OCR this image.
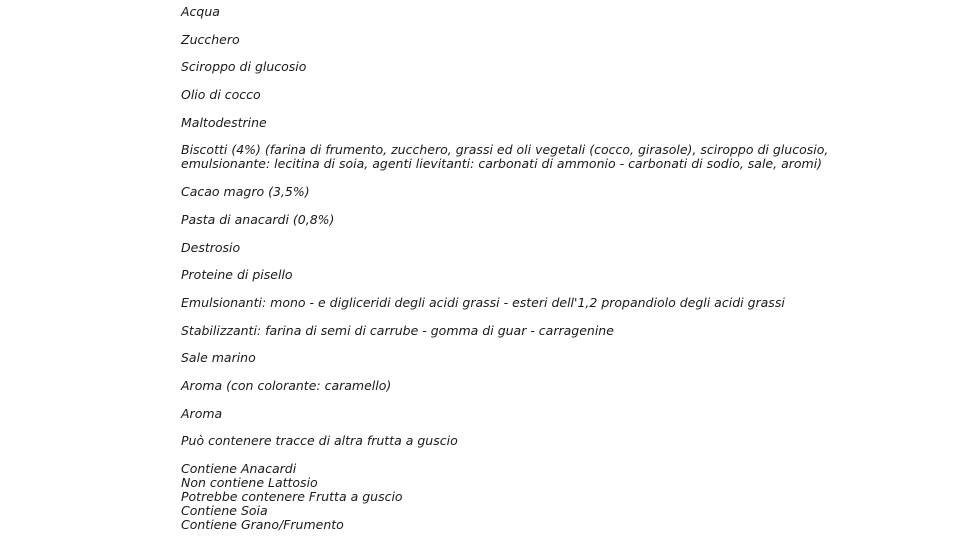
Acqua
Zucchero
Sciroppo di glucosio
Olio di cocco
Maltodestrine
Biscotti (4%) (farina di frumento, zucchero, grassi ed oli vegetali (cocco, girasole), sciroppo di glucosio,
emulsionante: lecitina di soia, agenti lievitanti: carbonati di ammonio - carbonati di sodio, sale, aromi)
Cacao magro (3,5%)
Pasta di anacardi (0,8%)
Destrosio
Proteine di pisello
Emulsionanti: mono - e digliceridi degli acidi grassi - esteri dell'1,2 propandiolo degli acidi grassi
Stabilizzanti: farina di semi di carrube - gomma di guar - carragenine
Sale marino
Aroma (con colorante: caramello)
Aroma
Può contenere tracce di altra frutta a guscio
Contiene Anacardi
Non contiene Lattosio
Potrebbe contenere Frutta a guscio
Contiene Soia
Contiene Grano/Frumento
